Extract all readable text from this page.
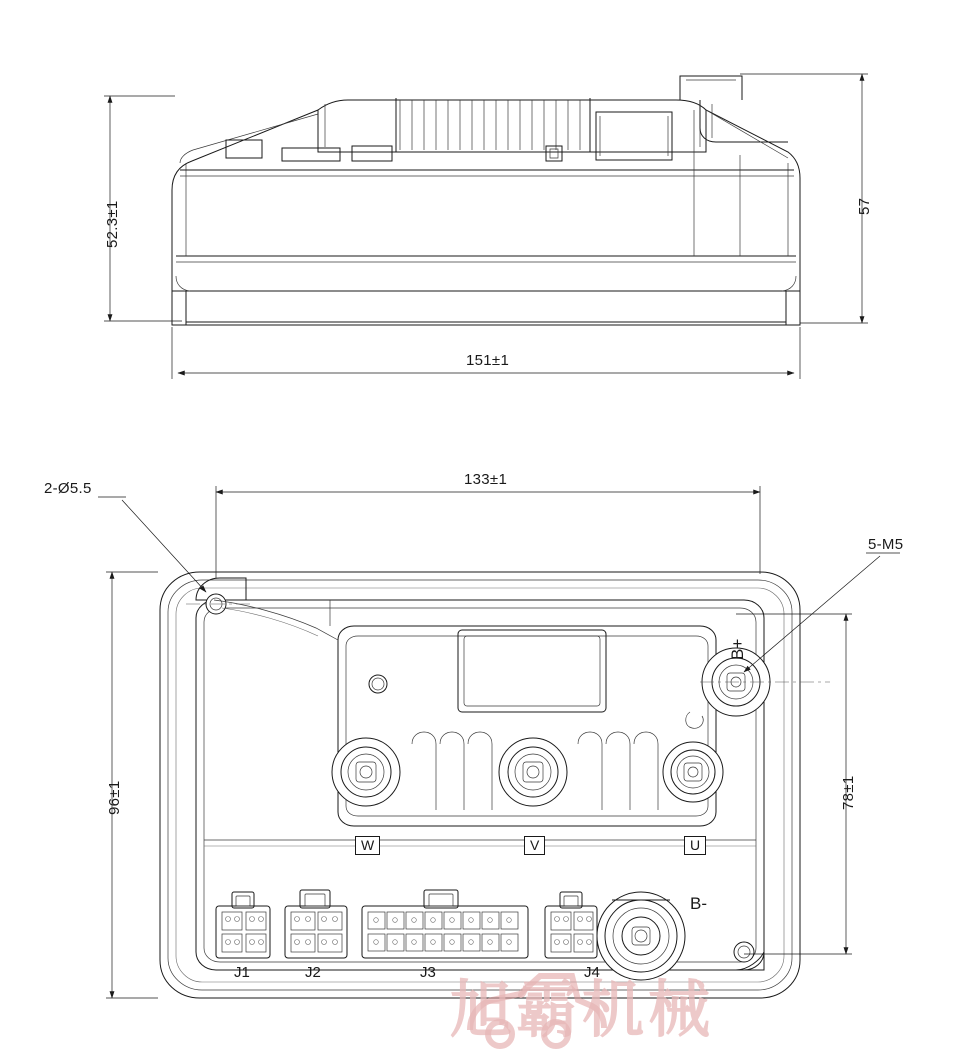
52.3±1	57
151±1
133±1
96±1	78±1
2-Ø5.5
5-M5
B+
B-
W	V	U
J1	J2	J3	J4
旭霸机械
